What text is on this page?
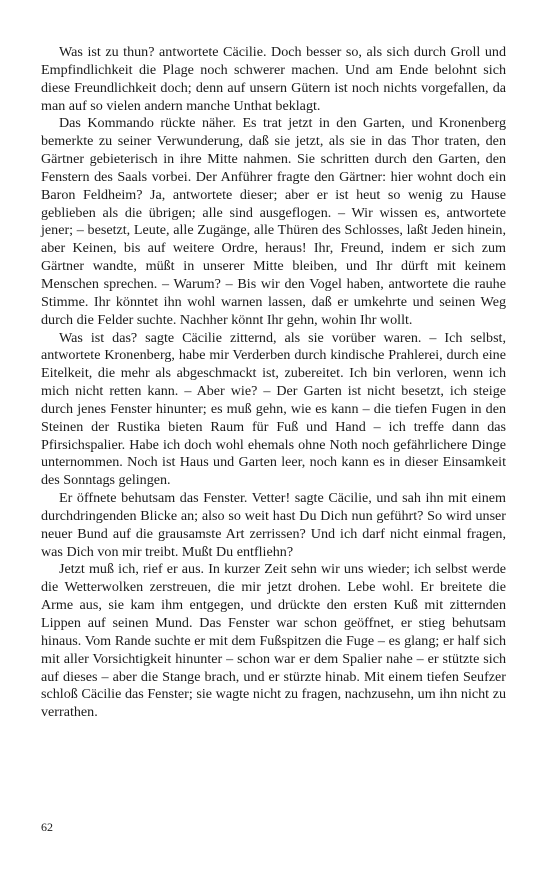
Was ist zu thun? antwortete Cäcilie. Doch besser so, als sich durch Groll und Empfindlichkeit die Plage noch schwerer machen. Und am Ende belohnt sich diese Freundlichkeit doch; denn auf unsern Gütern ist noch nichts vorgefallen, da man auf so vielen andern manche Unthat beklagt.

Das Kommando rückte näher. Es trat jetzt in den Garten, und Kronenberg bemerkte zu seiner Verwunderung, daß sie jetzt, als sie in das Thor traten, den Gärtner gebieterisch in ihre Mitte nahmen. Sie schritten durch den Garten, den Fenstern des Saals vorbei. Der Anführer fragte den Gärtner: hier wohnt doch ein Baron Feldheim? Ja, antwortete dieser; aber er ist heut so wenig zu Hause geblieben als die übrigen; alle sind ausgeflogen. – Wir wissen es, antwortete jener; – besetzt, Leute, alle Zugänge, alle Thüren des Schlosses, laßt Jeden hinein, aber Keinen, bis auf weitere Ordre, heraus! Ihr, Freund, indem er sich zum Gärtner wandte, müßt in unserer Mitte bleiben, und Ihr dürft mit keinem Menschen sprechen. – Warum? – Bis wir den Vogel haben, antwortete die rauhe Stimme. Ihr könntet ihn wohl warnen lassen, daß er umkehrte und seinen Weg durch die Felder suchte. Nachher könnt Ihr gehn, wohin Ihr wollt.

Was ist das? sagte Cäcilie zitternd, als sie vorüber waren. – Ich selbst, antwortete Kronenberg, habe mir Verderben durch kindische Prahlerei, durch eine Eitelkeit, die mehr als abgeschmackt ist, zubereitet. Ich bin verloren, wenn ich mich nicht retten kann. – Aber wie? – Der Garten ist nicht besetzt, ich steige durch jenes Fenster hinunter; es muß gehn, wie es kann – die tiefen Fugen in den Steinen der Rustika bieten Raum für Fuß und Hand – ich treffe dann das Pfirsichspalier. Habe ich doch wohl ehemals ohne Noth noch gefährlichere Dinge unternommen. Noch ist Haus und Garten leer, noch kann es in dieser Einsamkeit des Sonntags gelingen.

Er öffnete behutsam das Fenster. Vetter! sagte Cäcilie, und sah ihn mit einem durchdringenden Blicke an; also so weit hast Du Dich nun geführt? So wird unser neuer Bund auf die grausamste Art zerrissen? Und ich darf nicht einmal fragen, was Dich von mir treibt. Mußt Du entfliehn?

Jetzt muß ich, rief er aus. In kurzer Zeit sehn wir uns wieder; ich selbst werde die Wetterwolken zerstreuen, die mir jetzt drohen. Lebe wohl. Er breitete die Arme aus, sie kam ihm entgegen, und drückte den ersten Kuß mit zitternden Lippen auf seinen Mund. Das Fenster war schon geöffnet, er stieg behutsam hinaus. Vom Rande suchte er mit dem Fußspitzen die Fuge – es glang; er half sich mit aller Vorsichtigkeit hinunter – schon war er dem Spalier nahe – er stützte sich auf dieses – aber die Stange brach, und er stürzte hinab. Mit einem tiefen Seufzer schloß Cäcilie das Fenster; sie wagte nicht zu fragen, nachzusehn, um ihn nicht zu verrathen.

62
